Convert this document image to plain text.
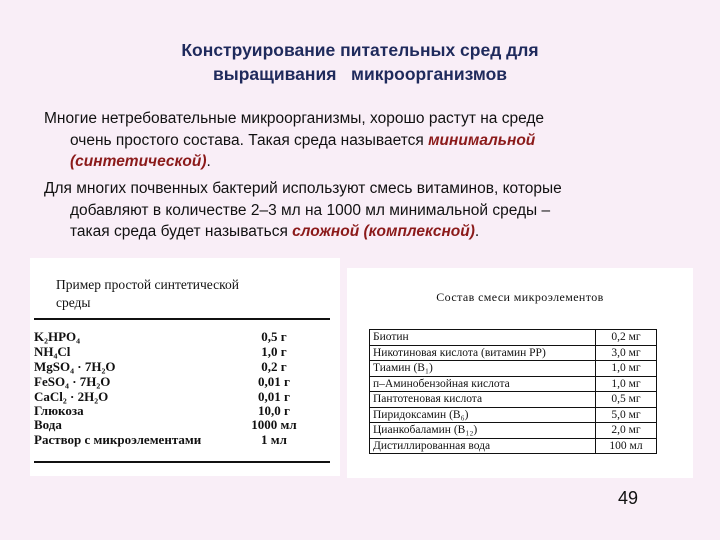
Конструирование питательных сред для
выращивания   микроорганизмов
Многие нетребовательные микроорганизмы, хорошо растут на среде
очень простого состава. Такая среда называется минимальной
(синтетической).
Для многих почвенных бактерий используют смесь витаминов, которые
добавляют в количестве 2–3 мл на 1000 мл минимальной среды –
такая среда будет называться сложной (комплексной).
Пример простой синтетической
среды
K₂HPO₄	0,5 г
NH₄Cl	1,0 г
MgSO₄ · 7H₂O	0,2 г
FeSO₄ · 7H₂O	0,01 г
CaCl₂ · 2H₂O	0,01 г
Глюкоза	10,0 г
Вода	1000 мл
Раствор с микроэлементами	1 мл
Состав смеси микроэлементов
Биотин	0,2 мг
Никотиновая кислота (витамин PP)	3,0 мг
Тиамин (B₁)	1,0 мг
п–Аминобензойная кислота	1,0 мг
Пантотеновая кислота	0,5 мг
Пиридоксамин (B₆)	5,0 мг
Цианкобаламин (B₁₂)	2,0 мг
Дистиллированная вода	100 мл
49
